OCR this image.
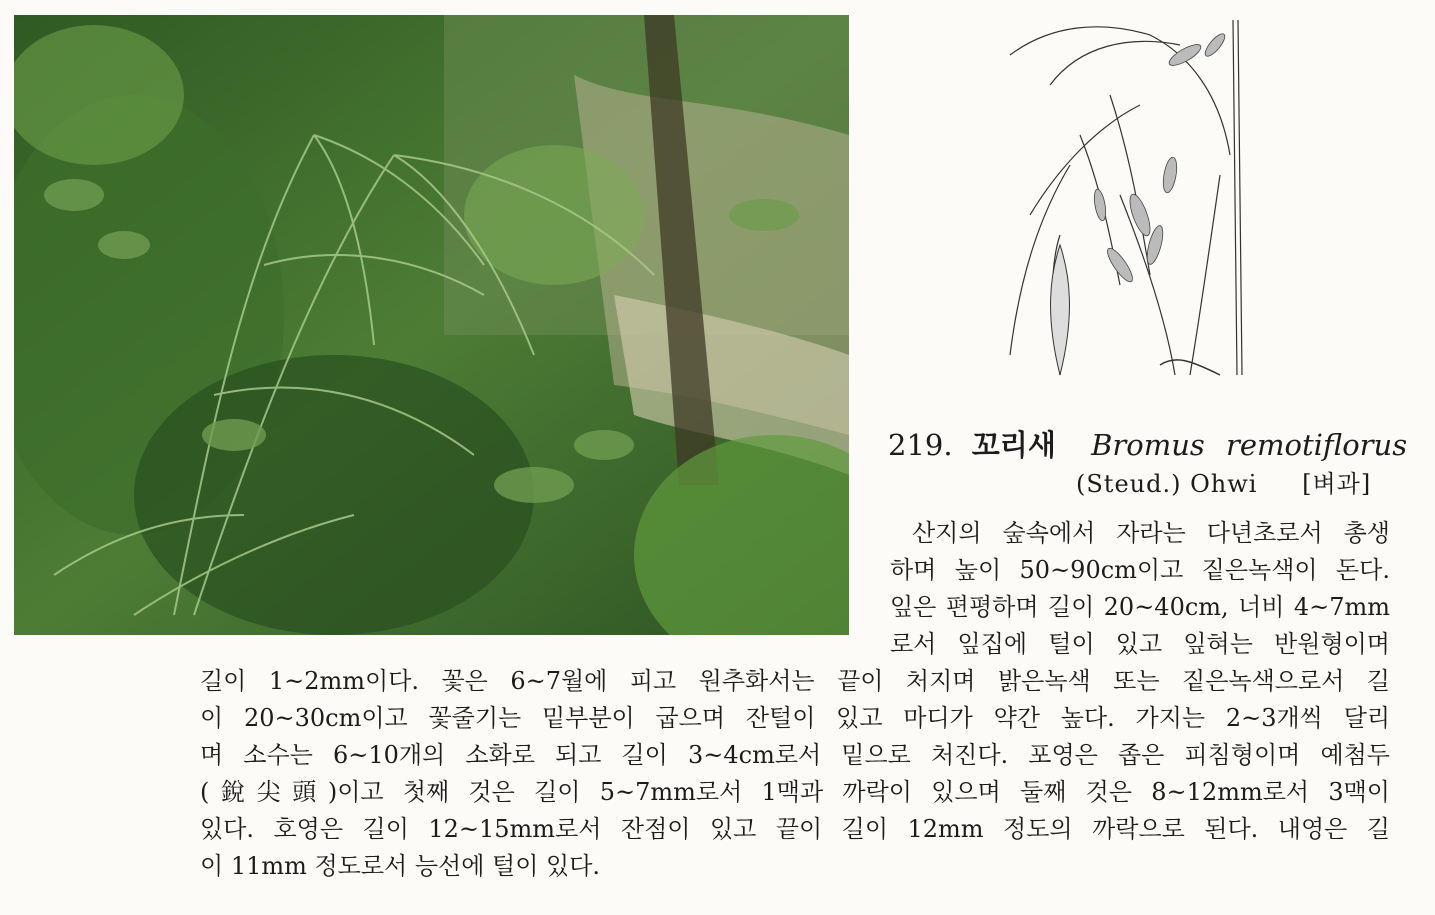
219. 꼬리새 Bromus remotiflorus
(Steud.) Ohwi [벼과]
산지의 숲속에서 자라는 다년초로서 총생
하며 높이 50~90cm이고 짙은녹색이 돈다.
잎은 편평하며 길이 20~40cm, 너비 4~7mm
로서 잎집에 털이 있고 잎혀는 반원형이며
길이 1~2mm이다. 꽃은 6~7월에 피고 원추화서는 끝이 처지며 밝은녹색 또는 짙은녹색으로서 길
이 20~30cm이고 꽃줄기는 밑부분이 굽으며 잔털이 있고 마디가 약간 높다. 가지는 2~3개씩 달리
며 소수는 6~10개의 소화로 되고 길이 3~4cm로서 밑으로 처진다. 포영은 좁은 피침형이며 예첨두
(銳尖頭)이고 첫째 것은 길이 5~7mm로서 1맥과 까락이 있으며 둘째 것은 8~12mm로서 3맥이
있다. 호영은 길이 12~15mm로서 잔점이 있고 끝이 길이 12mm 정도의 까락으로 된다. 내영은 길
이 11mm 정도로서 능선에 털이 있다.
